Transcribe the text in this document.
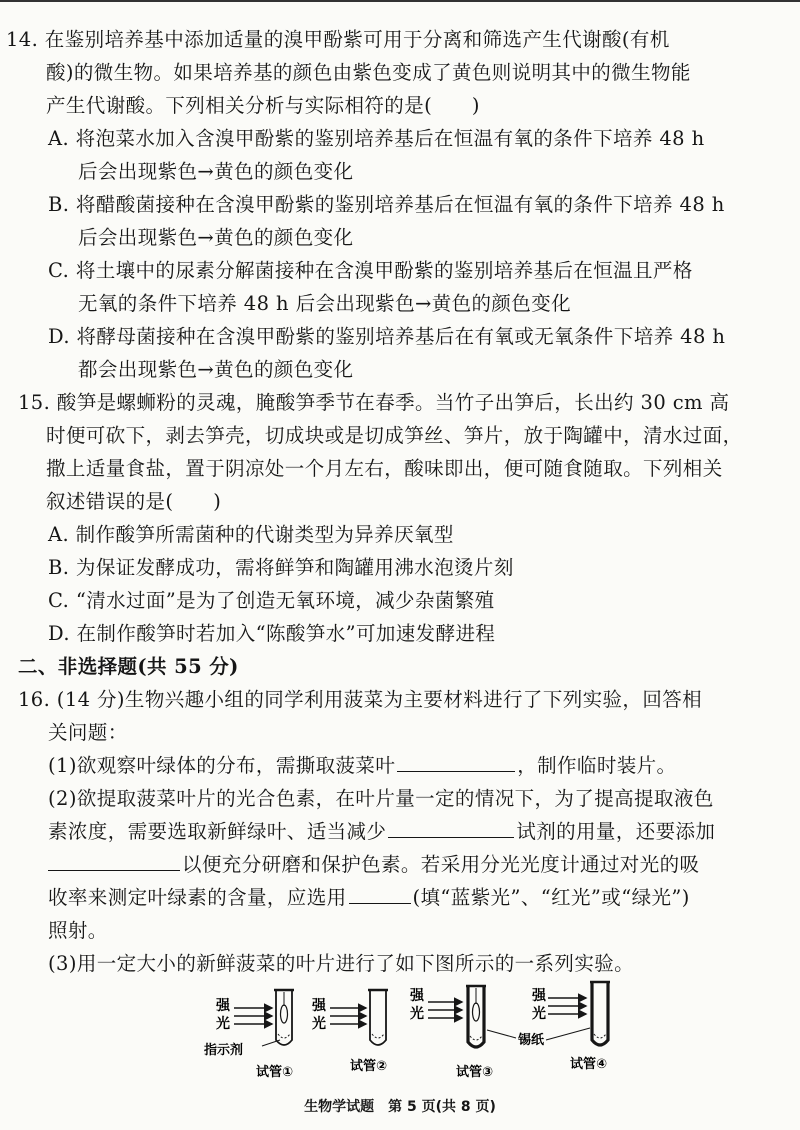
14. 在鉴别培养基中添加适量的溴甲酚紫可用于分离和筛选产生代谢酸(有机
酸)的微生物。如果培养基的颜色由紫色变成了黄色则说明其中的微生物能
产生代谢酸。下列相关分析与实际相符的是(　　)
A. 将泡菜水加入含溴甲酚紫的鉴别培养基后在恒温有氧的条件下培养 48 h
后会出现紫色→黄色的颜色变化
B. 将醋酸菌接种在含溴甲酚紫的鉴别培养基后在恒温有氧的条件下培养 48 h
后会出现紫色→黄色的颜色变化
C. 将土壤中的尿素分解菌接种在含溴甲酚紫的鉴别培养基后在恒温且严格
无氧的条件下培养 48 h 后会出现紫色→黄色的颜色变化
D. 将酵母菌接种在含溴甲酚紫的鉴别培养基后在有氧或无氧条件下培养 48 h
都会出现紫色→黄色的颜色变化
15. 酸笋是螺蛳粉的灵魂，腌酸笋季节在春季。当竹子出笋后，长出约 30 cm 高
时便可砍下，剥去笋壳，切成块或是切成笋丝、笋片，放于陶罐中，清水过面，
撒上适量食盐，置于阴凉处一个月左右，酸味即出，便可随食随取。下列相关
叙述错误的是(　　)
A. 制作酸笋所需菌种的代谢类型为异养厌氧型
B. 为保证发酵成功，需将鲜笋和陶罐用沸水泡烫片刻
C. “清水过面”是为了创造无氧环境，减少杂菌繁殖
D. 在制作酸笋时若加入“陈酸笋水”可加速发酵进程
二、非选择题(共 55 分)
16. (14 分)生物兴趣小组的同学利用菠菜为主要材料进行了下列实验，回答相
关问题：
(1)欲观察叶绿体的分布，需撕取菠菜叶	，制作临时装片。
(2)欲提取菠菜叶片的光合色素，在叶片量一定的情况下，为了提高提取液色
素浓度，需要选取新鲜绿叶、适当减少	试剂的用量，还要添加
以便充分研磨和保护色素。若采用分光光度计通过对光的吸
收率来测定叶绿素的含量，应选用	(填“蓝紫光”、“红光”或“绿光”)
照射。
(3)用一定大小的新鲜菠菜的叶片进行了如下图所示的一系列实验。
强
光
指示剂
试管①
强
光
试管②
强
光
锡纸
试管③
强
光
试管④
生物学试题　第 5 页(共 8 页)
